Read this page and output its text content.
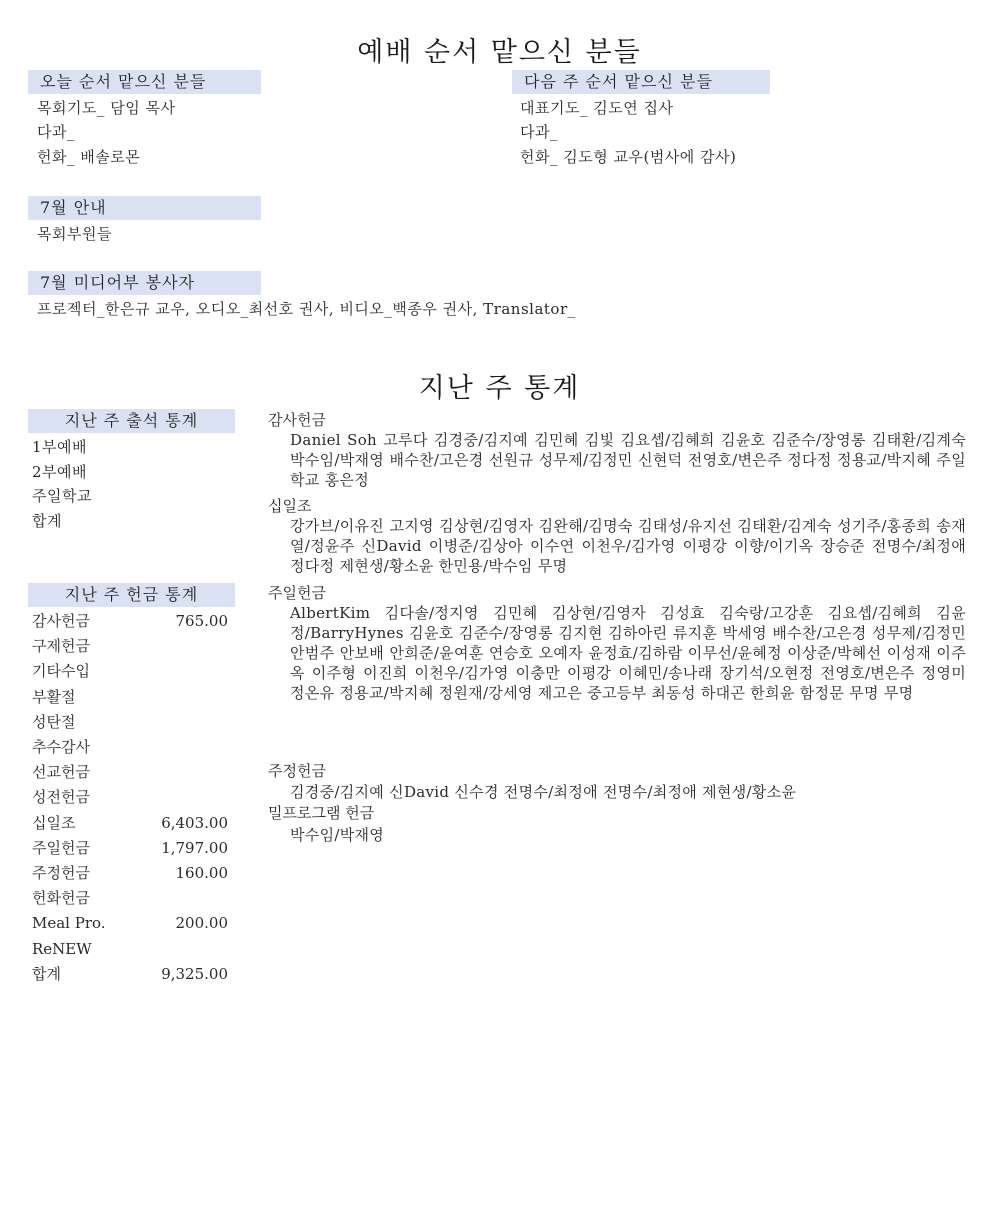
예배 순서 맡으신 분들
오늘 순서 맡으신 분들
목회기도_ 담임 목사
다과_
헌화_ 배솔로몬
다음 주 순서 맡으신 분들
대표기도_ 김도연 집사
다과_
헌화_ 김도형 교우(범사에 감사)
7월 안내
목회부원들
7월 미디어부 봉사자
프로젝터_한은규 교우, 오디오_최선호 권사, 비디오_백종우 권사, Translator_
지난 주 통계
지난 주 출석 통계
1부예배
2부예배
주일학교
합계
지난 주 헌금 통계
감사헌금	765.00
구제헌금
기타수입
부활절
성탄절
추수감사
선교헌금
성전헌금
십일조	6,403.00
주일헌금	1,797.00
주정헌금	160.00
헌화헌금
Meal Pro.	200.00
ReNEW
합계	9,325.00
감사헌금
Daniel Soh 고루다 김경중/김지예 김민혜 김빛 김요셉/김혜희 김윤호 김준수/장영롱 김태환/김계숙 박수임/박재영 배수찬/고은경 선원규 성무제/김정민 신현덕 전영호/변은주 정다정 정용교/박지혜 주일학교 홍은정
십일조
강가브/이유진 고지영 김상현/김영자 김완해/김명숙 김태성/유지선 김태환/김계숙 성기주/홍종희 송재열/정윤주 신David 이병준/김상아 이수연 이천우/김가영 이평강 이향/이기옥 장승준 전명수/최정애 정다정 제현생/황소윤 한민용/박수임 무명
주일헌금
AlbertKim 김다솔/정지영 김민혜 김상현/김영자 김성효 김숙랑/고강훈 김요셉/김혜희 김윤정/BarryHynes 김윤호 김준수/장영롱 김지현 김하아린 류지훈 박세영 배수찬/고은경 성무제/김정민 안범주 안보배 안희준/윤여훈 연승호 오예자 윤정효/김하람 이무선/윤혜정 이상준/박혜선 이성재 이주옥 이주형 이진희 이천우/김가영 이충만 이평강 이혜민/송나래 장기석/오현정 전영호/변은주 정영미 정온유 정용교/박지혜 정원재/강세영 제고은 중고등부 최동성 하대곤 한희윤 함정문 무명 무명
주정헌금
김경중/김지예 신David 신수경 전명수/최정애 전명수/최정애 제현생/황소윤
밀프로그램 헌금
박수임/박재영
